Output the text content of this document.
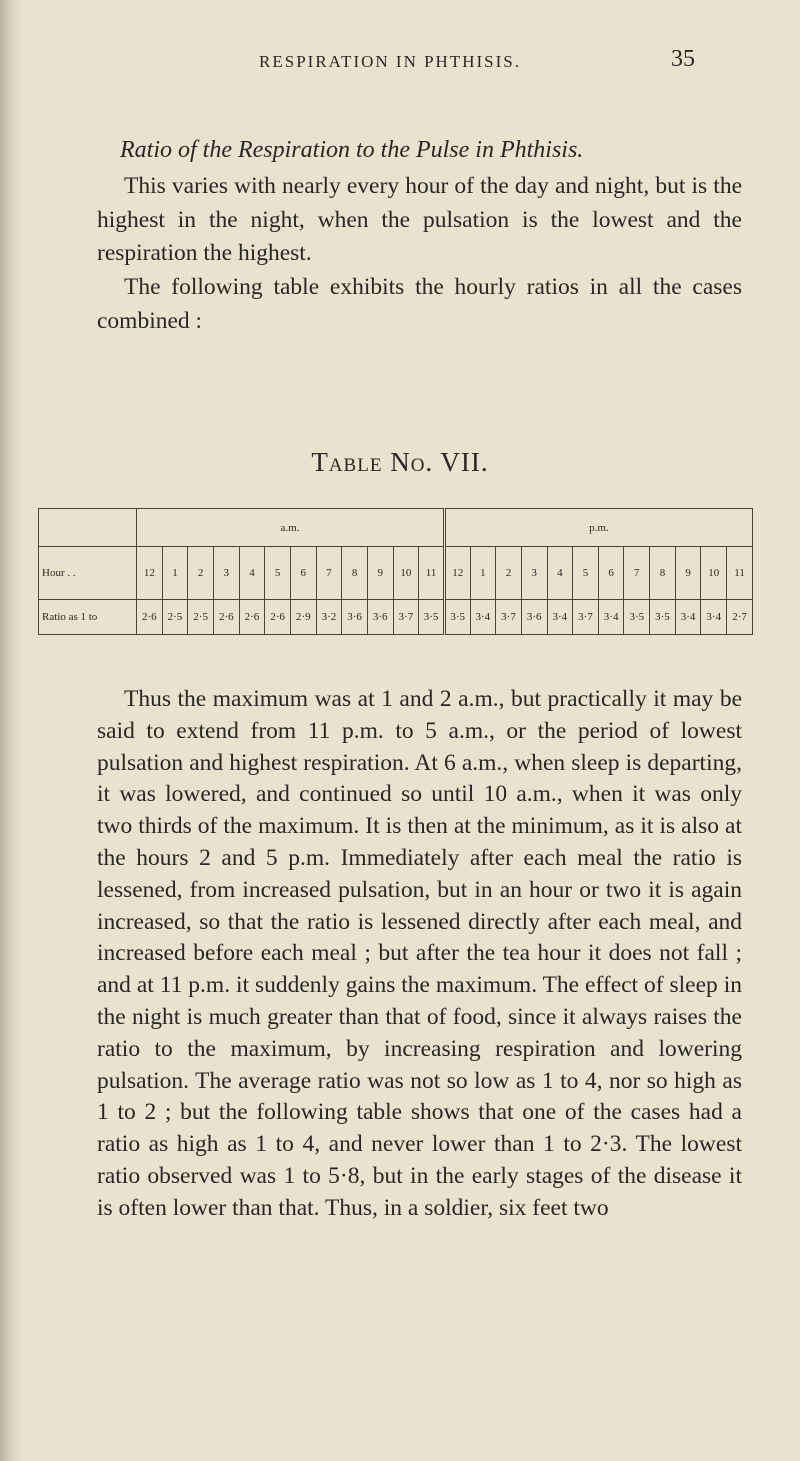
RESPIRATION IN PHTHISIS.	35
Ratio of the Respiration to the Pulse in Phthisis.

This varies with nearly every hour of the day and night, but is the highest in the night, when the pulsation is the lowest and the respiration the highest.

The following table exhibits the hourly ratios in all the cases combined :

Table No. VII.
	a.m.												p.m.											
Hour . .	12	1	2	3	4	5	6	7	8	9	10	11	12	1	2	3	4	5	6	7	8	9	10	11
Ratio as 1 to	2·6	2·5	2·5	2·6	2·6	2·6	2·9	3·2	3·6	3·6	3·7	3·5	3·5	3·4	3·7	3·6	3·4	3·7	3·4	3·5	3·5	3·4	3·4	2·7

Thus the maximum was at 1 and 2 a.m., but practically it may be said to extend from 11 p.m. to 5 a.m., or the period of lowest pulsation and highest respiration. At 6 a.m., when sleep is departing, it was lowered, and continued so until 10 a.m., when it was only two thirds of the maximum. It is then at the minimum, as it is also at the hours 2 and 5 p.m. Immediately after each meal the ratio is lessened, from increased pulsation, but in an hour or two it is again increased, so that the ratio is lessened directly after each meal, and increased before each meal ; but after the tea hour it does not fall ; and at 11 p.m. it suddenly gains the maximum. The effect of sleep in the night is much greater than that of food, since it always raises the ratio to the maximum, by increasing respiration and lowering pulsation. The average ratio was not so low as 1 to 4, nor so high as 1 to 2 ; but the following table shows that one of the cases had a ratio as high as 1 to 4, and never lower than 1 to 2·3. The lowest ratio observed was 1 to 5·8, but in the early stages of the disease it is often lower than that. Thus, in a soldier, six feet two
